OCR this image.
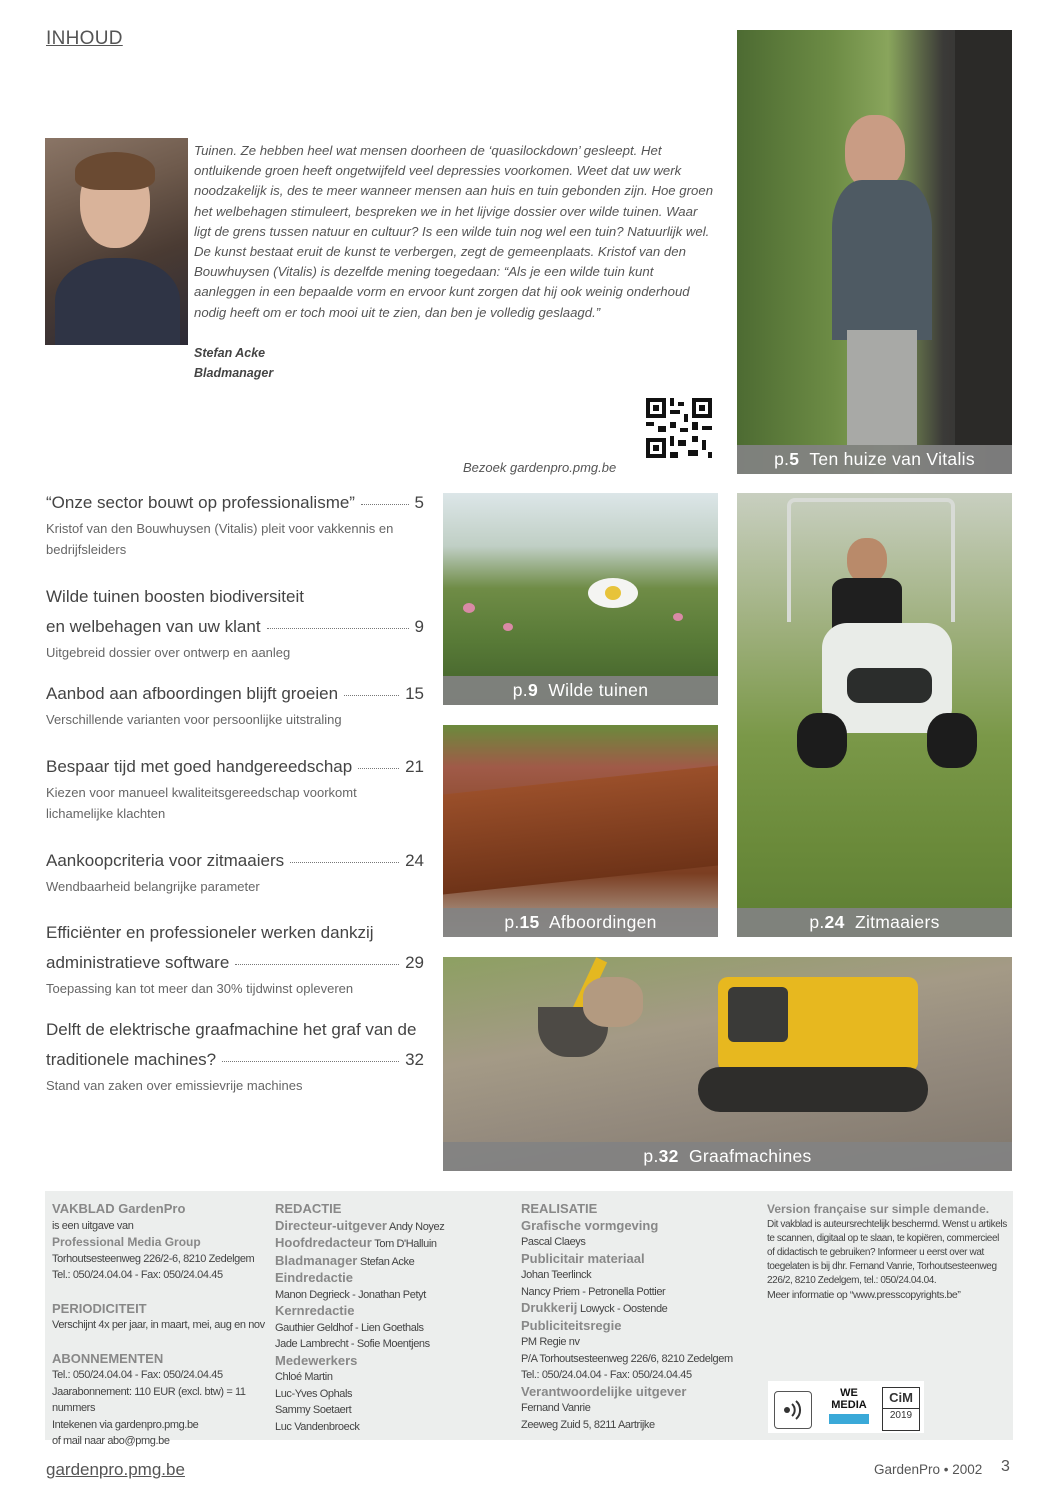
INHOUD
Tuinen. Ze hebben heel wat mensen doorheen de ‘quasilockdown’ gesleept. Het ontluikende groen heeft ongetwijfeld veel depressies voorkomen. Weet dat uw werk noodzakelijk is, des te meer wanneer mensen aan huis en tuin gebonden zijn. Hoe groen het welbehagen stimuleert, bespreken we in het lijvige dossier over wilde tuinen. Waar ligt de grens tussen natuur en cultuur? Is een wilde tuin nog wel een tuin? Natuurlijk wel. De kunst bestaat eruit de kunst te verbergen, zegt de gemeenplaats. Kristof van den Bouwhuysen (Vitalis) is dezelfde mening toegedaan: “Als je een wilde tuin kunt aanleggen in een bepaalde vorm en ervoor kunt zorgen dat hij ook weinig onderhoud nodig heeft om er toch mooi uit te zien, dan ben je volledig geslaagd.”
Stefan Acke
Bladmanager
Bezoek gardenpro.pmg.be	p.5 Ten huize van Vitalis
p.9 Wilde tuinen
p.15 Afboordingen	p.24 Zitmaaiers
p.32 Graafmachines
“Onze sector bouwt op professionalisme”	5
Kristof van den Bouwhuysen (Vitalis) pleit voor vakkennis en bedrijfsleiders
Wilde tuinen boosten biodiversiteit
en welbehagen van uw klant	9
Uitgebreid dossier over ontwerp en aanleg
Aanbod aan afboordingen blijft groeien	15
Verschillende varianten voor persoonlijke uitstraling
Bespaar tijd met goed handgereedschap	21
Kiezen voor manueel kwaliteitsgereedschap voorkomt lichamelijke klachten
Aankoopcriteria voor zitmaaiers	24
Wendbaarheid belangrijke parameter
Efficiënter en professioneler werken dankzij
administratieve software	29
Toepassing kan tot meer dan 30% tijdwinst opleveren
Delft de elektrische graafmachine het graf van de
traditionele machines?	32
Stand van zaken over emissievrije machines
VAKBLAD GardenPro
is een uitgave van
Professional Media Group
Torhoutsesteenweg 226/2-6, 8210 Zedelgem
Tel.: 050/24.04.04 - Fax: 050/24.04.45
PERIODICITEIT
Verschijnt 4x per jaar, in maart, mei, aug en nov
ABONNEMENTEN
Tel.: 050/24.04.04 - Fax: 050/24.04.45
Jaarabonnement: 110 EUR (excl. btw) = 11 nummers
Intekenen via gardenpro.pmg.be
of mail naar abo@pmg.be
REDACTIE
Directeur-uitgever Andy Noyez
Hoofdredacteur Tom D'Halluin
Bladmanager Stefan Acke
Eindredactie
Manon Degrieck - Jonathan Petyt
Kernredactie
Gauthier Geldhof - Lien Goethals
Jade Lambrecht - Sofie Moentjens
Medewerkers
Chloé Martin
Luc-Yves Ophals
Sammy Soetaert
Luc Vandenbroeck
REALISATIE
Grafische vormgeving
Pascal Claeys
Publicitair materiaal
Johan Teerlinck
Nancy Priem - Petronella Pottier
Drukkerij Lowyck - Oostende
Publiciteitsregie
PM Regie nv
P/A Torhoutsesteenweg 226/6, 8210 Zedelgem
Tel.: 050/24.04.04 - Fax: 050/24.04.45
Verantwoordelijke uitgever
Fernand Vanrie
Zeeweg Zuid 5, 8211 Aartrijke
Version française sur simple demande.
Dit vakblad is auteursrechtelijk beschermd. Wenst u artikels te scannen, digitaal op te slaan, te kopiëren, commercieel of didactisch te gebruiken? Informeer u eerst over wat toegelaten is bij dhr. Fernand Vanrie, Torhoutsesteenweg 226/2, 8210 Zedelgem, tel.: 050/24.04.04.
Meer informatie op “www.presscopyrights.be”
WE
MEDIA	CiM
2019
gardenpro.pmg.be	GardenPro • 2002 3
